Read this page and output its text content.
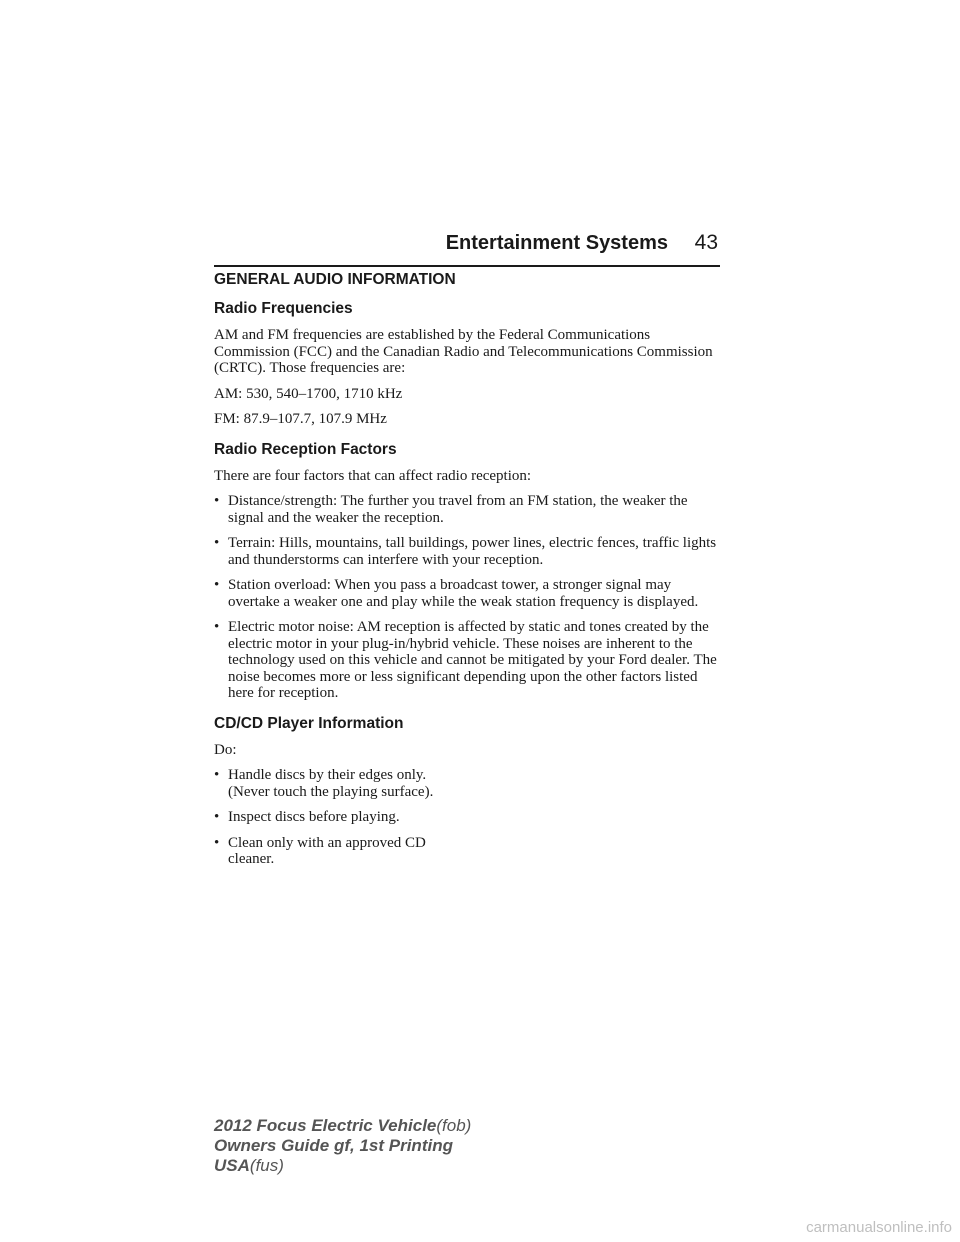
Entertainment Systems 43
GENERAL AUDIO INFORMATION
Radio Frequencies

AM and FM frequencies are established by the Federal Communications Commission (FCC) and the Canadian Radio and Telecommunications Commission (CRTC). Those frequencies are:

AM: 530, 540–1700, 1710 kHz

FM: 87.9–107.7, 107.9 MHz

Radio Reception Factors

There are four factors that can affect radio reception:

• Distance/strength: The further you travel from an FM station, the weaker the signal and the weaker the reception.
• Terrain: Hills, mountains, tall buildings, power lines, electric fences, traffic lights and thunderstorms can interfere with your reception.
• Station overload: When you pass a broadcast tower, a stronger signal may overtake a weaker one and play while the weak station frequency is displayed.
• Electric motor noise: AM reception is affected by static and tones created by the electric motor in your plug-in/hybrid vehicle. These noises are inherent to the technology used on this vehicle and cannot be mitigated by your Ford dealer. The noise becomes more or less significant depending upon the other factors listed here for reception.
CD/CD Player Information

Do:

• Handle discs by their edges only. (Never touch the playing surface).
• Inspect discs before playing.
• Clean only with an approved CD cleaner.
2012 Focus Electric Vehicle(fob)
Owners Guide gf, 1st Printing
USA(fus)
carmanualsonline.info
